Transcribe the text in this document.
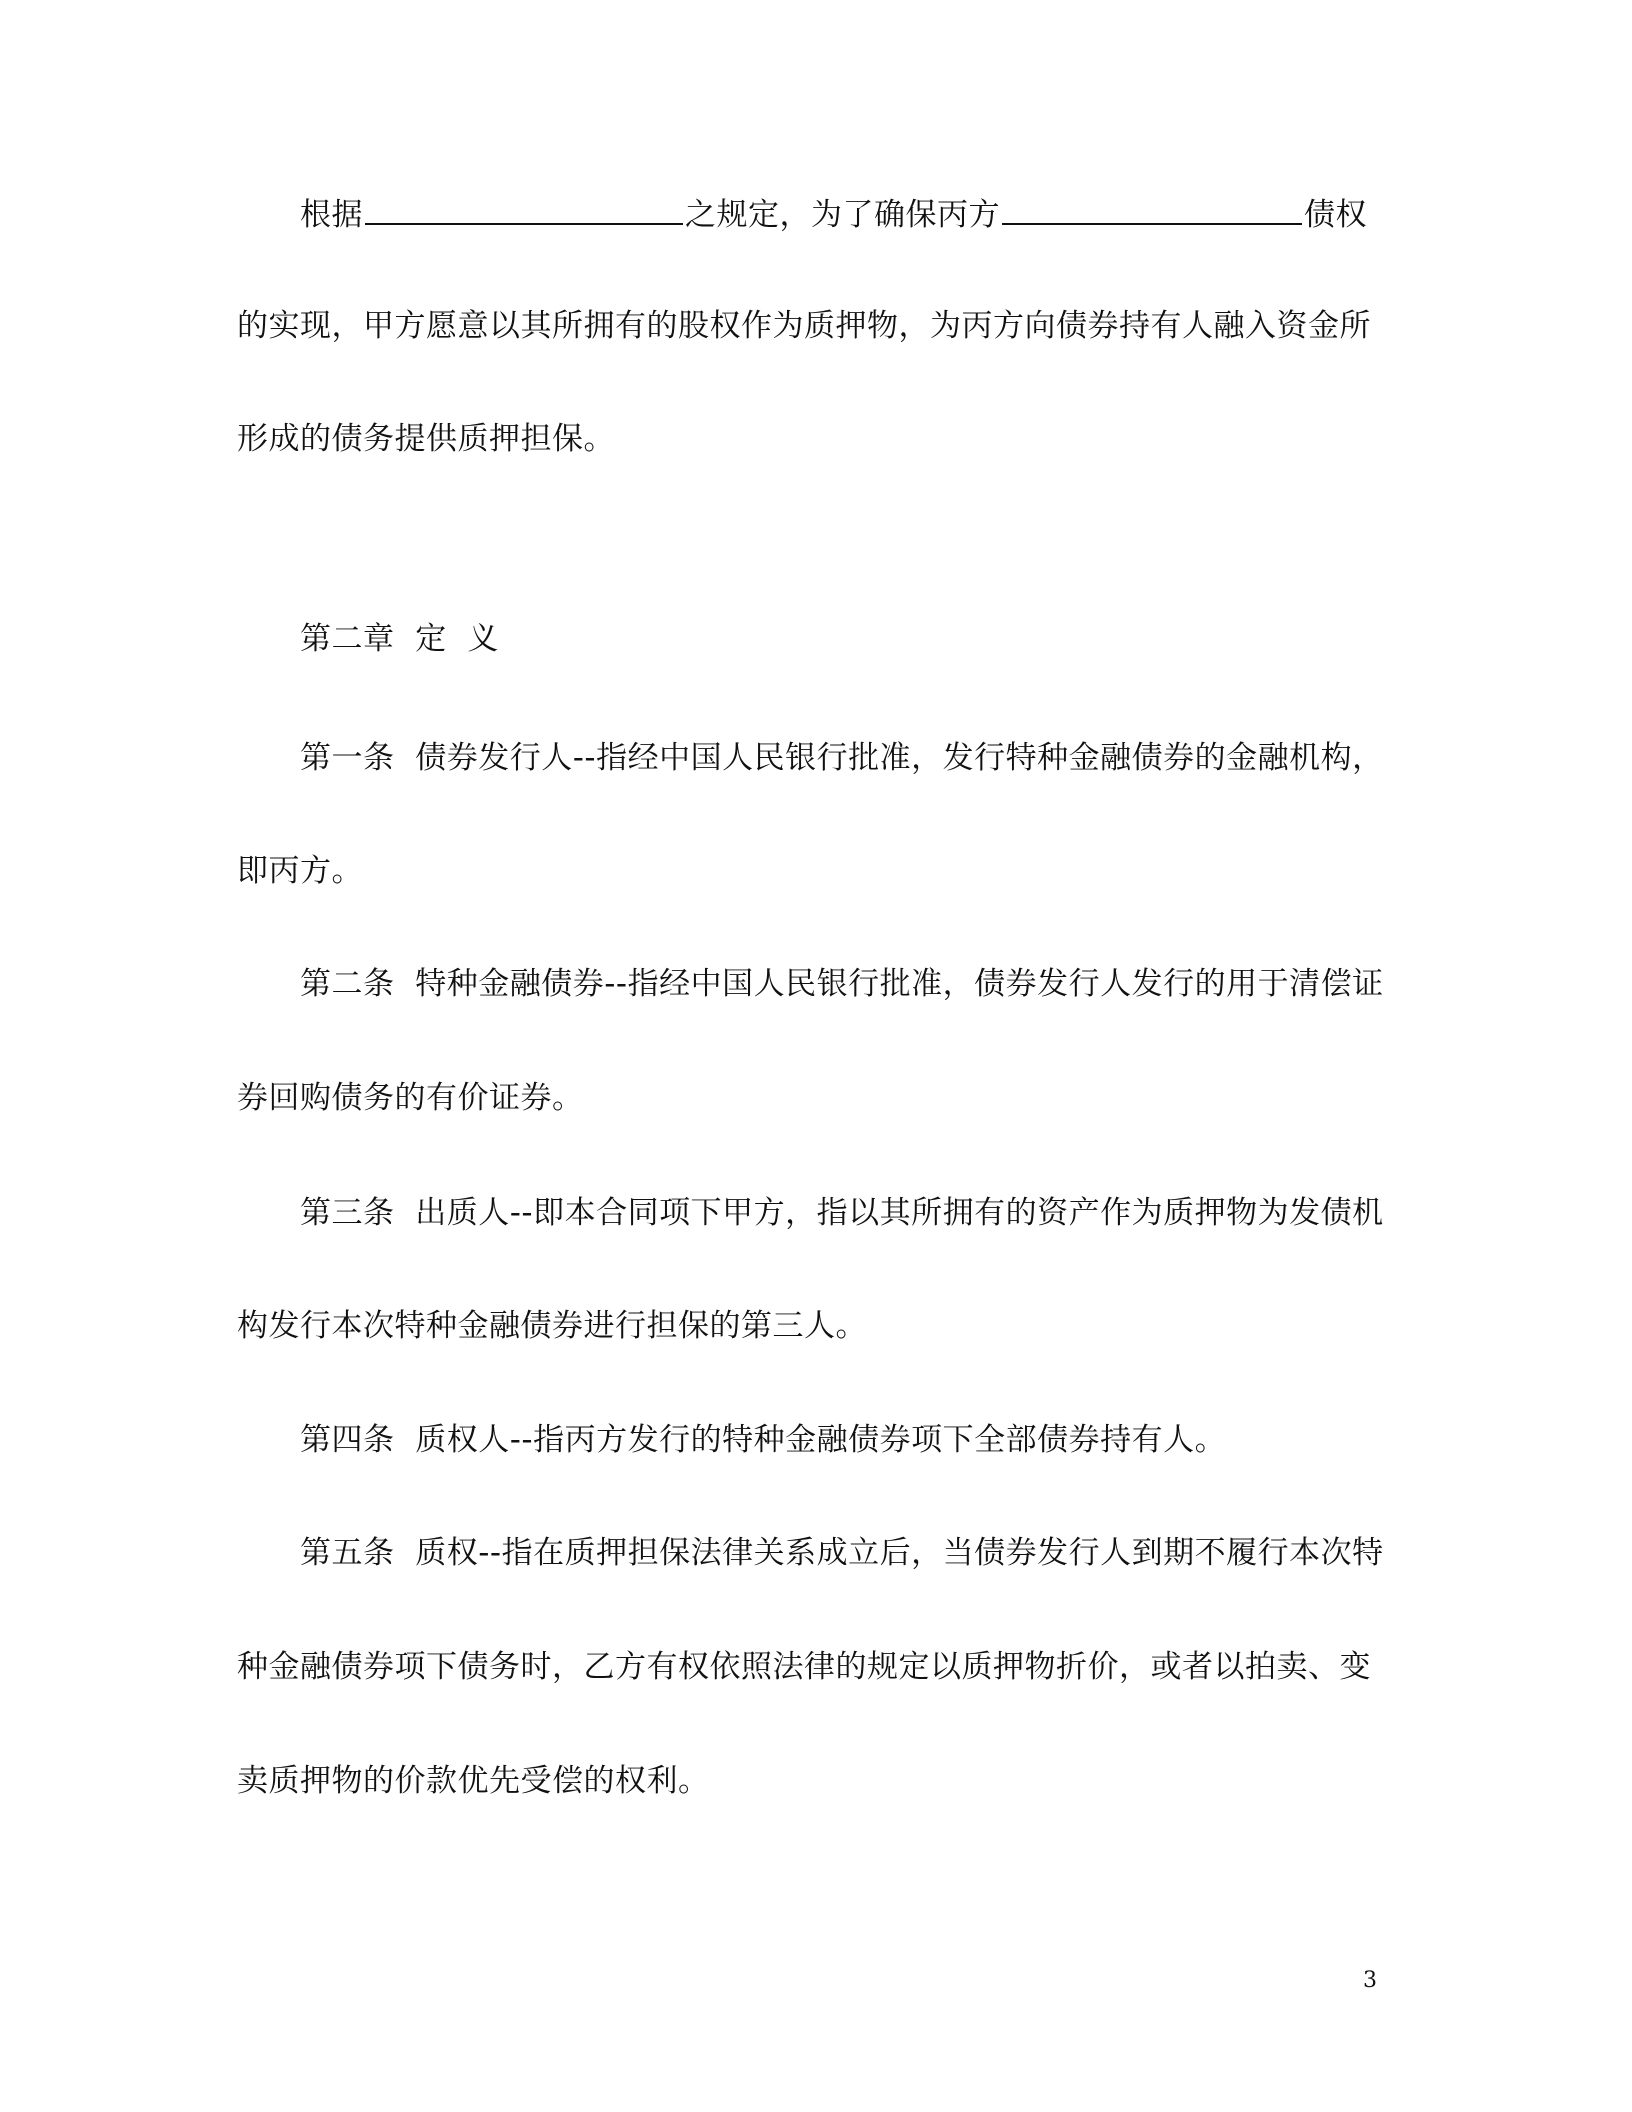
根据	之规定，为了确保丙方	债权
的实现，甲方愿意以其所拥有的股权作为质押物，为丙方向债券持有人融入资金所
形成的债务提供质押担保。
第二章  定  义
第一条  债券发行人--指经中国人民银行批准，发行特种金融债券的金融机构，
即丙方。
第二条  特种金融债券--指经中国人民银行批准，债券发行人发行的用于清偿证
券回购债务的有价证券。
第三条  出质人--即本合同项下甲方，指以其所拥有的资产作为质押物为发债机
构发行本次特种金融债券进行担保的第三人。
第四条  质权人--指丙方发行的特种金融债券项下全部债券持有人。
第五条  质权--指在质押担保法律关系成立后，当债券发行人到期不履行本次特
种金融债券项下债务时，乙方有权依照法律的规定以质押物折价，或者以拍卖、变
卖质押物的价款优先受偿的权利。
3
